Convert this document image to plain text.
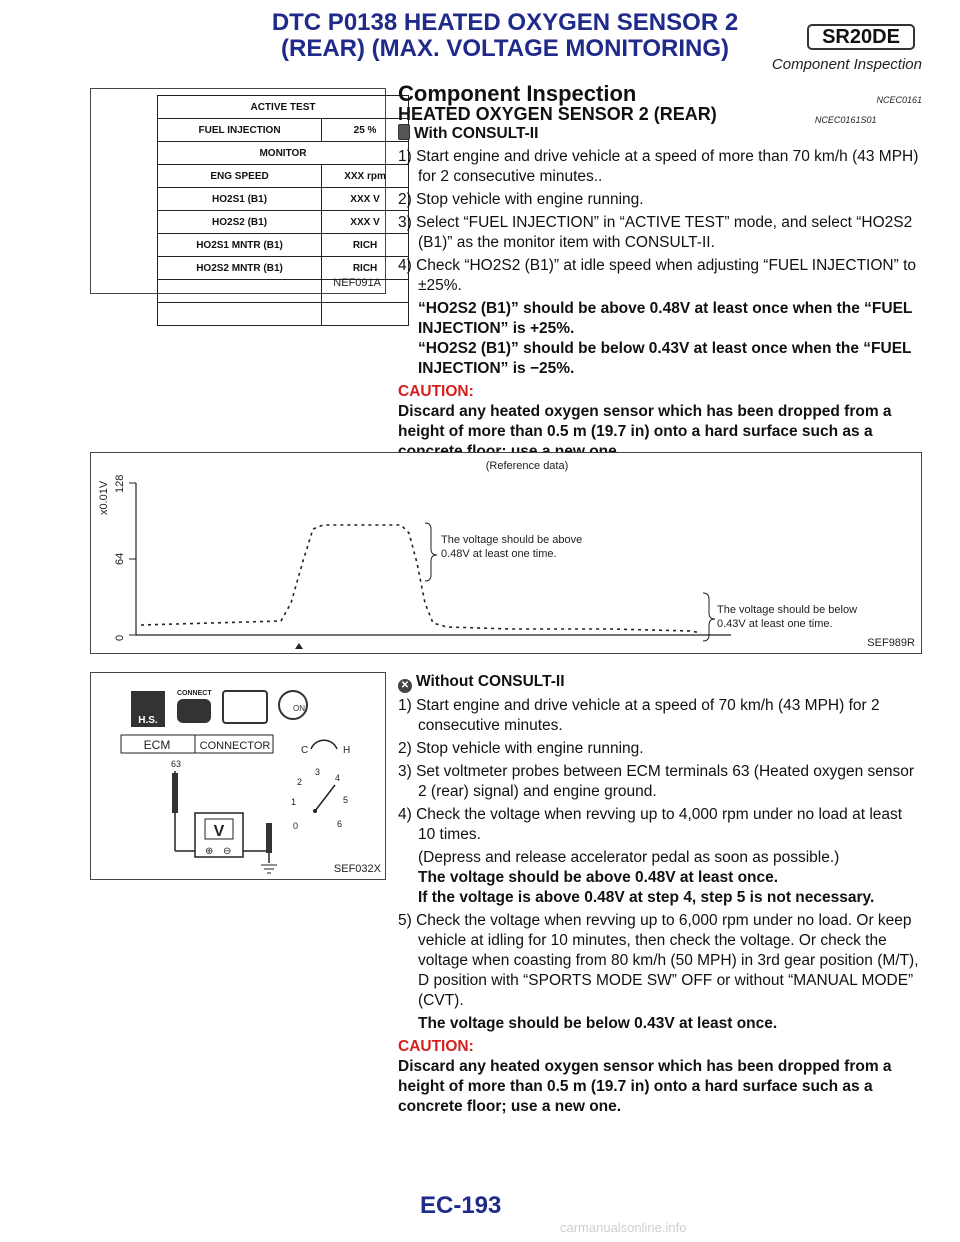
DTC P0138 HEATED OXYGEN SENSOR 2
(REAR) (MAX. VOLTAGE MONITORING)	SR20DE
Component Inspection
ACTIVE TEST	
FUEL INJECTION	25 %
MONITOR	
ENG SPEED	XXX rpm
HO2S1 (B1)	XXX V
HO2S2 (B1)	XXX V
HO2S1 MNTR (B1)	RICH
HO2S2 MNTR (B1)	RICH

NEF091A
Component Inspection	NCEC0161
HEATED OXYGEN SENSOR 2 (REAR)	NCEC0161S01
With CONSULT-II
1) Start engine and drive vehicle at a speed of more than 70 km/h (43 MPH) for 2 consecutive minutes..
2) Stop vehicle with engine running.
3) Select “FUEL INJECTION” in “ACTIVE TEST” mode, and select “HO2S2 (B1)” as the monitor item with CONSULT-II.
4) Check “HO2S2 (B1)” at idle speed when adjusting “FUEL INJECTION” to ±25%.
“HO2S2 (B1)” should be above 0.48V at least once when the “FUEL INJECTION” is +25%.
“HO2S2 (B1)” should be below 0.43V at least once when the “FUEL INJECTION” is −25%.
CAUTION:
Discard any heated oxygen sensor which has been dropped from a height of more than 0.5 m (19.7 in) onto a hard surface such as a
(Reference data)
x0.01V 128
64
0
The voltage should be above
0.48V at least one time.
The voltage should be below
0.43V at least one time.
SEF989R
H.S.
CONNECT
ON
ECM	CONNECTOR
63
V
⊕ ⊖
C	H
0
1
2
3
4
5
6
SEF032X
✕ Without CONSULT-II
1) Start engine and drive vehicle at a speed of 70 km/h (43 MPH) for 2 consecutive minutes.
2) Stop vehicle with engine running.
3) Set voltmeter probes between ECM terminals 63 (Heated oxygen sensor 2 (rear) signal) and engine ground.
4) Check the voltage when revving up to 4,000 rpm under no load at least 10 times.
(Depress and release accelerator pedal as soon as possible.)
The voltage should be above 0.48V at least once.
If the voltage is above 0.48V at step 4, step 5 is not necessary.
5) Check the voltage when revving up to 6,000 rpm under no load. Or keep vehicle at idling for 10 minutes, then check the voltage. Or check the voltage when coasting from 80 km/h (50 MPH) in 3rd gear position (M/T), D position with “SPORTS MODE SW” OFF or without “MANUAL MODE” (CVT).
The voltage should be below 0.43V at least once.
CAUTION:
Discard any heated oxygen sensor which has been dropped from a height of more than 0.5 m (19.7 in) onto a hard surface such as a concrete floor; use a new one.
EC-193
carmanualsonline.info
